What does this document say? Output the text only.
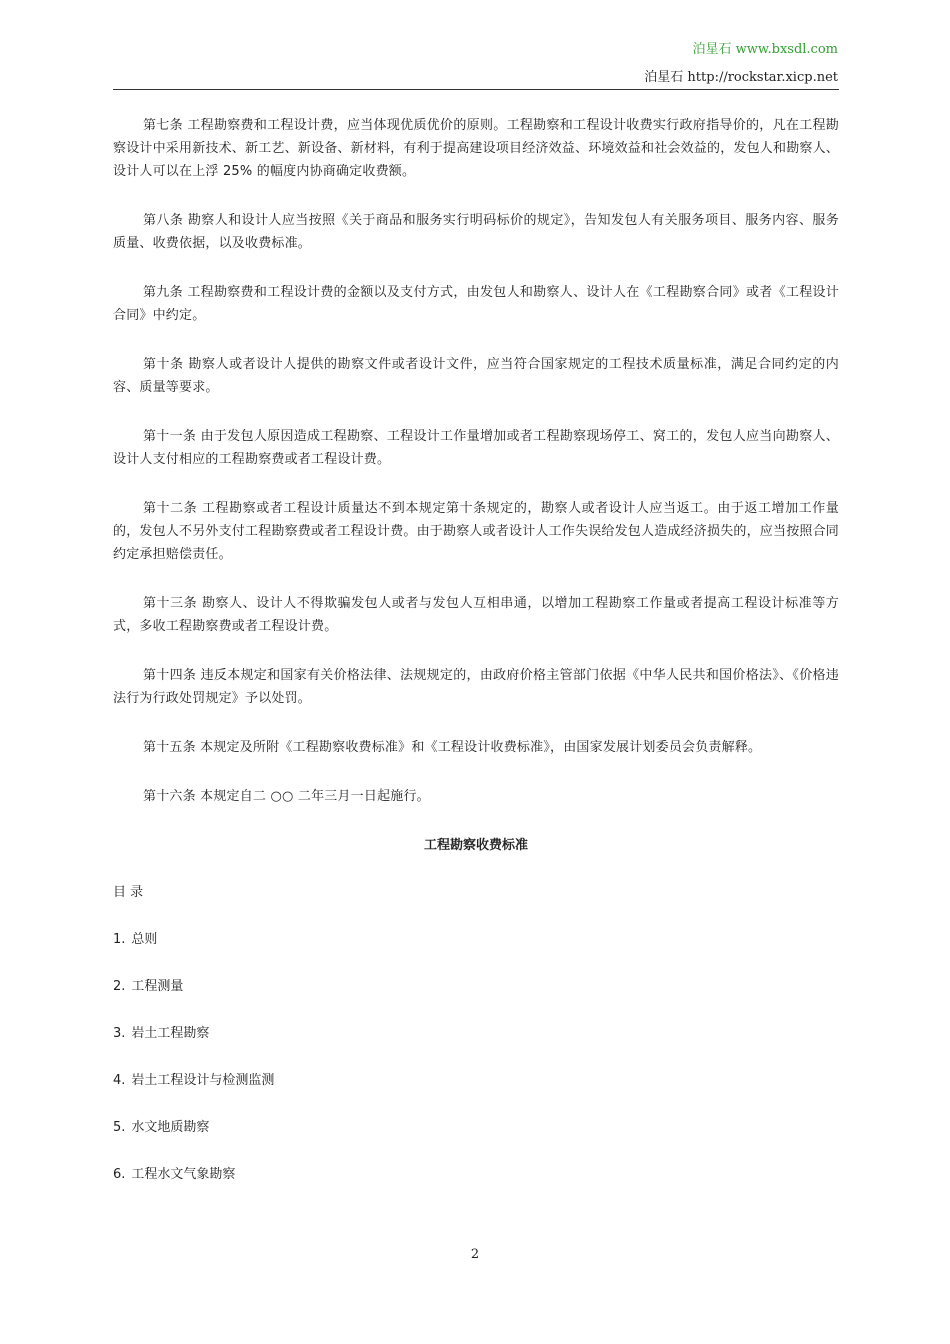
泊星石 www.bxsdl.com
泊星石 http://rockstar.xicp.net

第七条 工程勘察费和工程设计费，应当体现优质优价的原则。工程勘察和工程设计收费实行政府指导价的，凡在工程勘察设计中采用新技术、新工艺、新设备、新材料，有利于提高建设项目经济效益、环境效益和社会效益的，发包人和勘察人、设计人可以在上浮 25% 的幅度内协商确定收费额。

第八条 勘察人和设计人应当按照《关于商品和服务实行明码标价的规定》，告知发包人有关服务项目、服务内容、服务质量、收费依据，以及收费标准。

第九条 工程勘察费和工程设计费的金额以及支付方式，由发包人和勘察人、设计人在《工程勘察合同》或者《工程设计合同》中约定。

第十条 勘察人或者设计人提供的勘察文件或者设计文件，应当符合国家规定的工程技术质量标准，满足合同约定的内容、质量等要求。

第十一条 由于发包人原因造成工程勘察、工程设计工作量增加或者工程勘察现场停工、窝工的，发包人应当向勘察人、设计人支付相应的工程勘察费或者工程设计费。

第十二条 工程勘察或者工程设计质量达不到本规定第十条规定的，勘察人或者设计人应当返工。由于返工增加工作量的，发包人不另外支付工程勘察费或者工程设计费。由于勘察人或者设计人工作失误给发包人造成经济损失的，应当按照合同约定承担赔偿责任。

第十三条 勘察人、设计人不得欺骗发包人或者与发包人互相串通，以增加工程勘察工作量或者提高工程设计标准等方式，多收工程勘察费或者工程设计费。

第十四条 违反本规定和国家有关价格法律、法规规定的，由政府价格主管部门依据《中华人民共和国价格法》、《价格违法行为行政处罚规定》予以处罚。

第十五条 本规定及所附《工程勘察收费标准》和《工程设计收费标准》，由国家发展计划委员会负责解释。

第十六条 本规定自二 ○○ 二年三月一日起施行。

工程勘察收费标准
目 录
1. 总则
2. 工程测量
3. 岩土工程勘察
4. 岩土工程设计与检测监测
5. 水文地质勘察
6. 工程水文气象勘察
2
